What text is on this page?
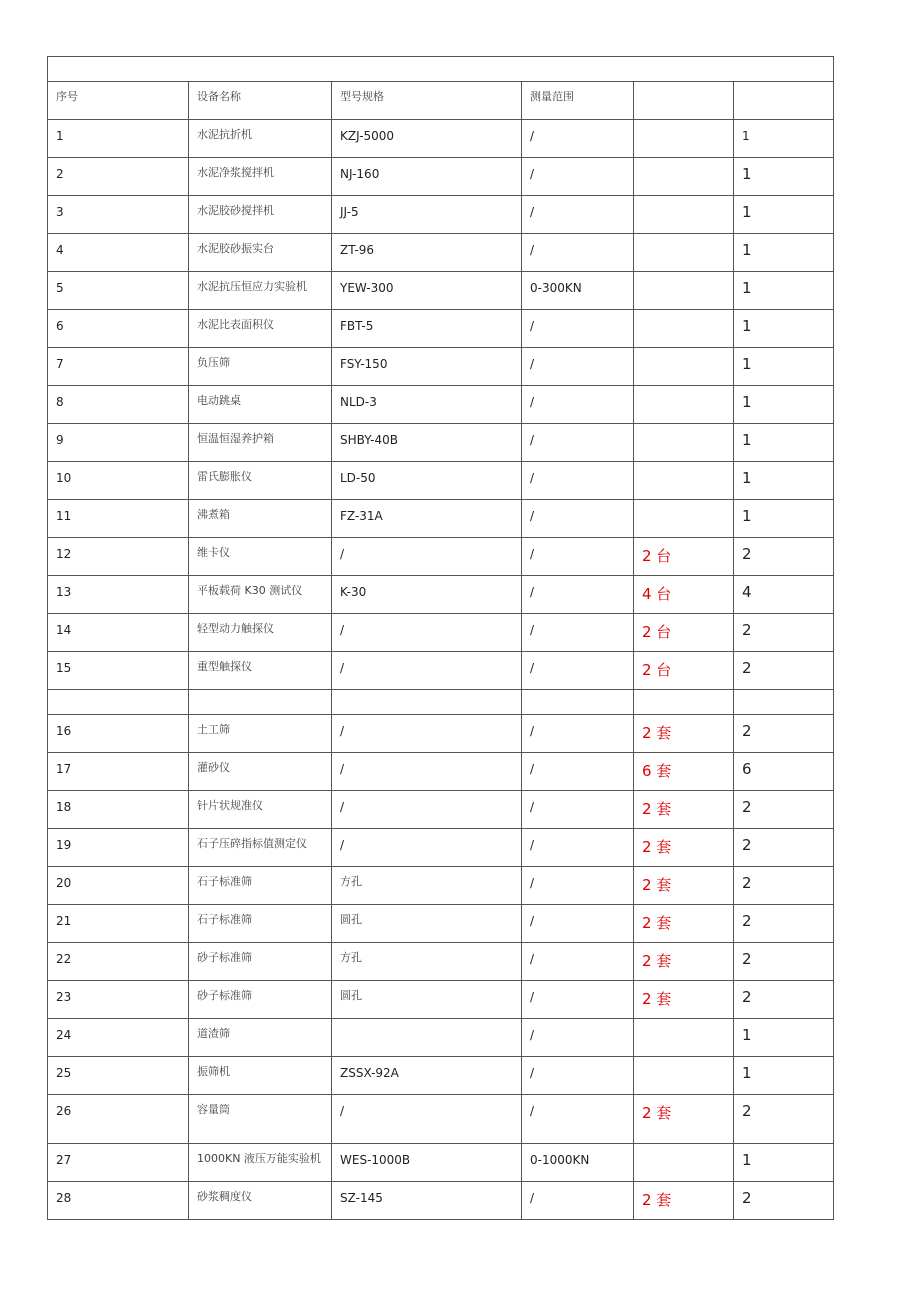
序号	设备名称	型号规格	测量范围		
1	水泥抗折机	KZJ-5000	/		1
2	水泥净浆搅拌机	NJ-160	/		1
3	水泥胶砂搅拌机	JJ-5	/		1
4	水泥胶砂振实台	ZT-96	/		1
5	水泥抗压恒应力实验机	YEW-300	0-300KN		1
6	水泥比表面积仪	FBT-5	/		1
7	负压筛	FSY-150	/		1
8	电动跳桌	NLD-3	/		1
9	恒温恒湿养护箱	SHBY-40B	/		1
10	雷氏膨胀仪	LD-50	/		1
11	沸煮箱	FZ-31A	/		1
12	维卡仪	/	/	2 台	2
13	平板载荷 K30 测试仪	K-30	/	4 台	4
14	轻型动力触探仪	/	/	2 台	2
15	重型触探仪	/	/	2 台	2

16	土工筛	/	/	2 套	2
17	灌砂仪	/	/	6 套	6
18	针片状规准仪	/	/	2 套	2
19	石子压碎指标值测定仪	/	/	2 套	2
20	石子标准筛	方孔	/	2 套	2
21	石子标准筛	圆孔	/	2 套	2
22	砂子标准筛	方孔	/	2 套	2
23	砂子标准筛	圆孔	/	2 套	2
24	道渣筛		/		1
25	振筛机	ZSSX-92A	/		1
26	容量筒	/	/	2 套	2
27	1000KN 液压万能实验机	WES-1000B	0-1000KN		1
28	砂浆稠度仪	SZ-145	/	2 套	2
